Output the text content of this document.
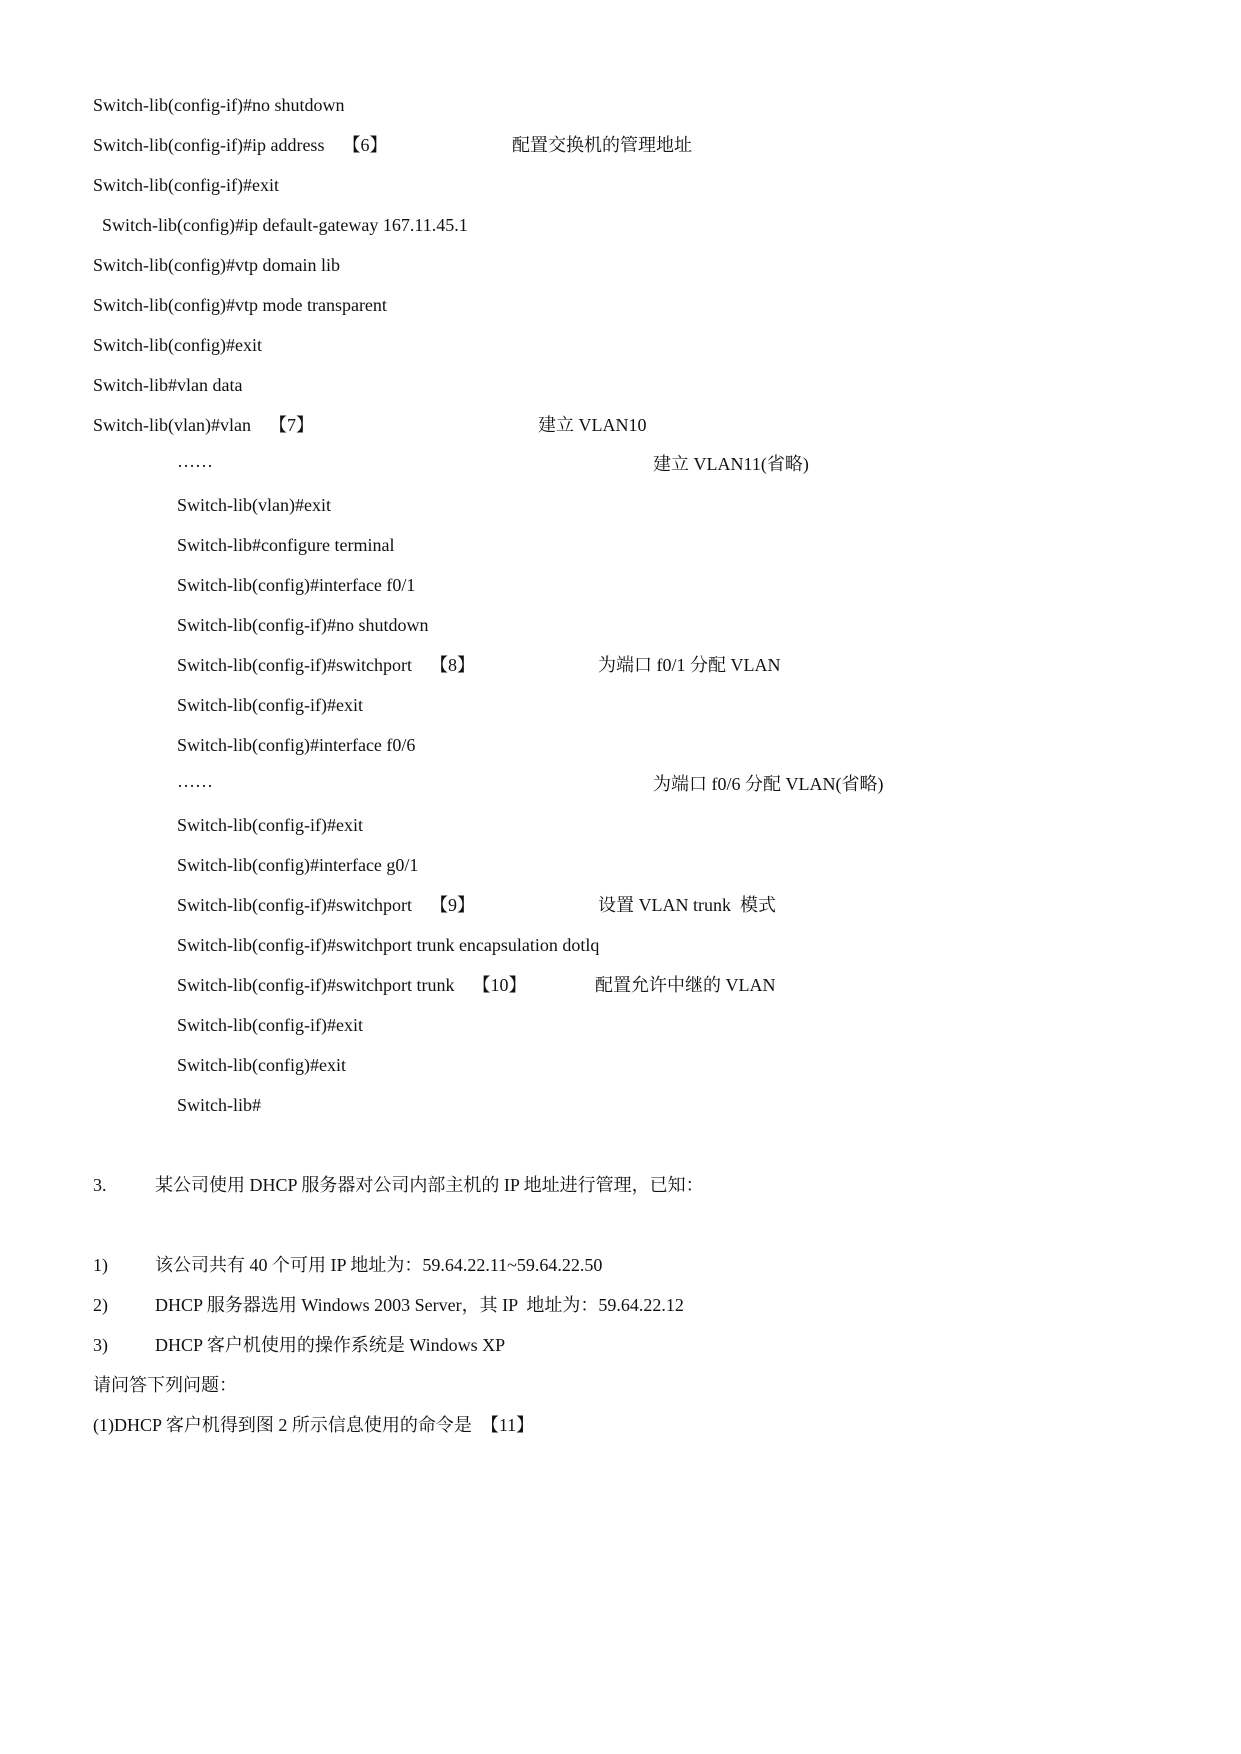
Switch-lib(config-if)#no shutdown
Switch-lib(config-if)#ip address    【6】	配置交换机的管理地址
Switch-lib(config-if)#exit
Switch-lib(config)#ip default-gateway 167.11.45.1
Switch-lib(config)#vtp domain lib
Switch-lib(config)#vtp mode transparent
Switch-lib(config)#exit
Switch-lib#vlan data
Switch-lib(vlan)#vlan    【7】	建立 VLAN10
……	建立 VLAN11(省略)
Switch-lib(vlan)#exit
Switch-lib#configure terminal
Switch-lib(config)#interface f0/1
Switch-lib(config-if)#no shutdown
Switch-lib(config-if)#switchport    【8】	为端口 f0/1 分配 VLAN
Switch-lib(config-if)#exit
Switch-lib(config)#interface f0/6
……	为端口 f0/6 分配 VLAN(省略)
Switch-lib(config-if)#exit
Switch-lib(config)#interface g0/1
Switch-lib(config-if)#switchport    【9】	设置 VLAN trunk  模式
Switch-lib(config-if)#switchport trunk encapsulation dotlq
Switch-lib(config-if)#switchport trunk    【10】	配置允许中继的 VLAN
Switch-lib(config-if)#exit
Switch-lib(config)#exit
Switch-lib#
3.	某公司使用 DHCP 服务器对公司内部主机的 IP 地址进行管理，已知：
1)	该公司共有 40 个可用 IP 地址为：59.64.22.11~59.64.22.50
2)	DHCP 服务器选用 Windows 2003 Server，其 IP  地址为：59.64.22.12
3)	DHCP 客户机使用的操作系统是 Windows XP
请问答下列问题：
(1)DHCP 客户机得到图 2 所示信息使用的命令是  【11】
